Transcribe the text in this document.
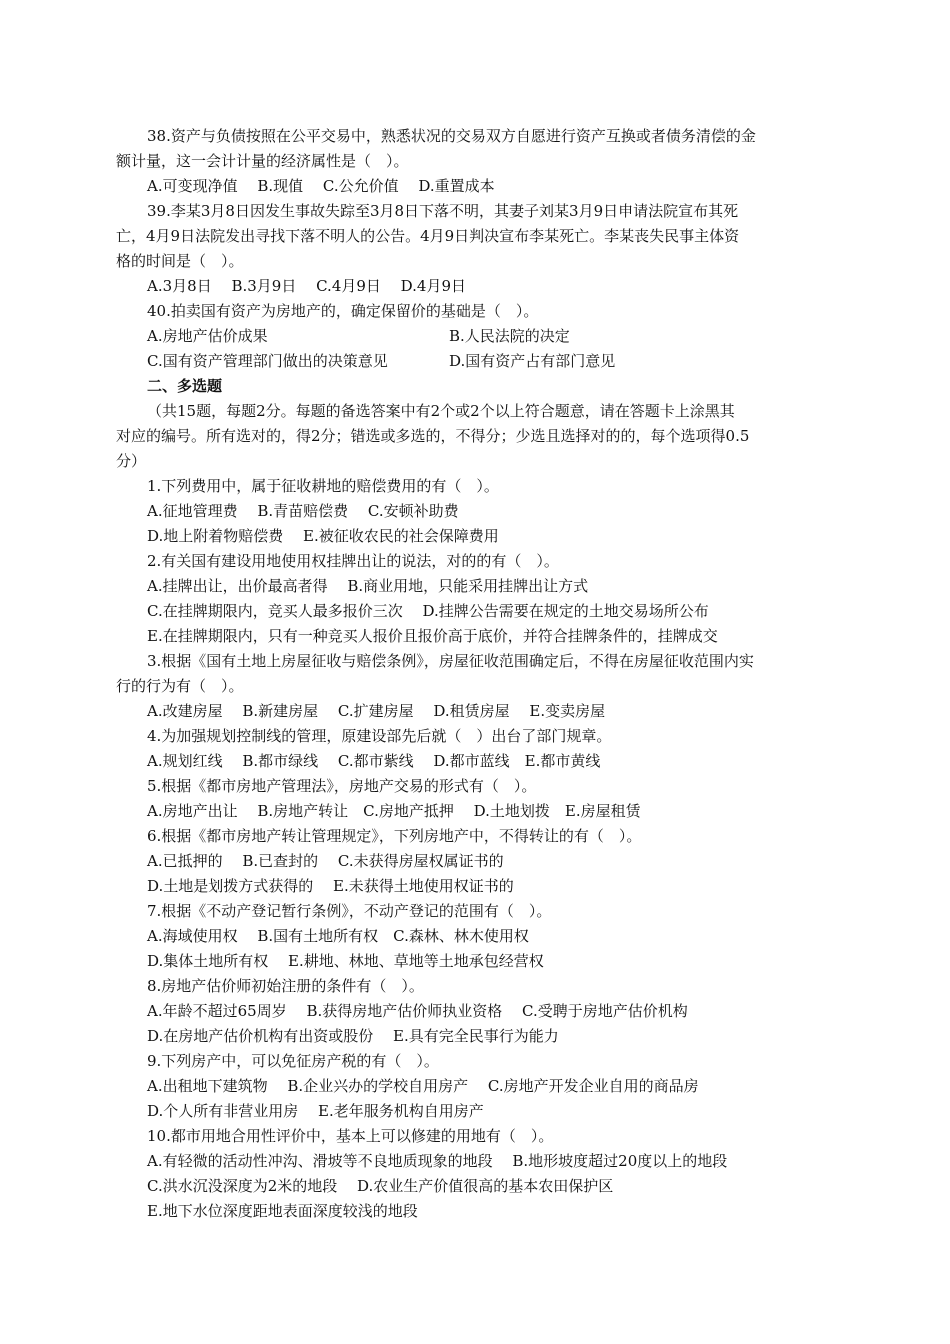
38.资产与负债按照在公平交易中，熟悉状况的交易双方自愿进行资产互换或者债务清偿的金
额计量，这一会计计量的经济属性是（　）。
A.可变现净值　 B.现值　 C.公允价值　 D.重置成本
39.李某3月8日因发生事故失踪至3月8日下落不明，其妻子刘某3月9日申请法院宣布其死
亡，4月9日法院发出寻找下落不明人的公告。4月9日判决宣布李某死亡。李某丧失民事主体资
格的时间是（　）。
A.3月8日　 B.3月9日　 C.4月9日　 D.4月9日
40.拍卖国有资产为房地产的，确定保留价的基础是（　）。
A.房地产估价成果	B.人民法院的决定
C.国有资产管理部门做出的决策意见	D.国有资产占有部门意见
二、多选题
（共15题，每题2分。每题的备选答案中有2个或2个以上符合题意，请在答题卡上涂黑其
对应的编号。所有选对的，得2分；错选或多选的，不得分；少选且选择对的的，每个选项得0.5
分）
1.下列费用中，属于征收耕地的赔偿费用的有（　）。
A.征地管理费　 B.青苗赔偿费　 C.安顿补助费
D.地上附着物赔偿费　 E.被征收农民的社会保障费用
2.有关国有建设用地使用权挂牌出让的说法，对的的有（　）。
A.挂牌出让，出价最高者得　 B.商业用地，只能采用挂牌出让方式
C.在挂牌期限内，竞买人最多报价三次　 D.挂牌公告需要在规定的土地交易场所公布
E.在挂牌期限内，只有一种竞买人报价且报价高于底价，并符合挂牌条件的，挂牌成交
3.根据《国有土地上房屋征收与赔偿条例》，房屋征收范围确定后，不得在房屋征收范围内实
行的行为有（　）。
A.改建房屋　 B.新建房屋　 C.扩建房屋　 D.租赁房屋　 E.变卖房屋
4.为加强规划控制线的管理，原建设部先后就（　）出台了部门规章。
A.规划红线　 B.都市绿线　 C.都市紫线　 D.都市蓝线　E.都市黄线
5.根据《都市房地产管理法》，房地产交易的形式有（　）。
A.房地产出让　 B.房地产转让　C.房地产抵押　 D.土地划拨　E.房屋租赁
6.根据《都市房地产转让管理规定》，下列房地产中，不得转让的有（　）。
A.已抵押的　 B.已查封的　 C.未获得房屋权属证书的
D.土地是划拨方式获得的　 E.未获得土地使用权证书的
7.根据《不动产登记暂行条例》，不动产登记的范围有（　）。
A.海域使用权　 B.国有土地所有权　C.森林、林木使用权
D.集体土地所有权　 E.耕地、林地、草地等土地承包经营权
8.房地产估价师初始注册的条件有（　）。
A.年龄不超过65周岁　 B.获得房地产估价师执业资格　 C.受聘于房地产估价机构
D.在房地产估价机构有出资或股份　 E.具有完全民事行为能力
9.下列房产中，可以免征房产税的有（　）。
A.出租地下建筑物　 B.企业兴办的学校自用房产　 C.房地产开发企业自用的商品房
D.个人所有非营业用房　 E.老年服务机构自用房产
10.都市用地合用性评价中，基本上可以修建的用地有（　）。
A.有轻微的活动性冲沟、滑坡等不良地质现象的地段　 B.地形坡度超过20度以上的地段
C.洪水沉没深度为2米的地段　 D.农业生产价值很高的基本农田保护区
E.地下水位深度距地表面深度较浅的地段
